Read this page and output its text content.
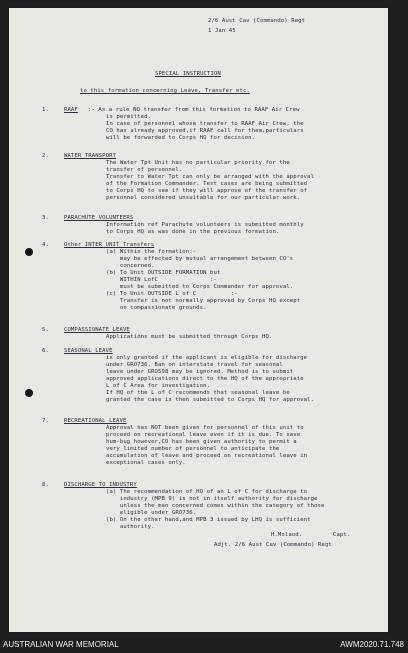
2/6 Aust Cav (Commando) Regt
1 Jan 45
SPECIAL INSTRUCTION
to this formation concerning Leave, Transfer etc.
1.	RAAF :- As a rule NO transfer from this formation to RAAF Air Crew
is permitted.
In case of personnel whose transfer to RAAF Air Crew, the
CO has already approved,if RAAF call for them,particulars
will be forwarded to Corps HQ for decision.
2.	WATER TRANSPORT
The Water Tpt Unit has no particular priority for the
transfer of personnel.
Transfer to Water Tpt can only be arranged with the approval
of the Formation Commander. Test cases are being submitted
to Corps HQ to see if they will approve of the transfer of
personnel considered unsuitable for our particular work.
3.	PARACHUTE VOLUNTEERS
Information ref Parachute volunteers is submitted monthly
to Corps HQ as was done in the previous formation.
4.	Other INTER UNIT Transfers
(a) Within the formation:-
may be effected by mutual arrangement between CO's
concerned.
(b) To Unit OUTSIDE FORMATION but
WITHIN LofC               :-
must be submitted to Corps Commander for approval.
(c) To Unit OUTSIDE L of C          :-
Transfer is not normally approved by Corps HQ except
on compassionate grounds.
5.	COMPASSIONATE LEAVE
Applications must be submitted through Corps HQ.
6.	SEASONAL LEAVE
is only granted if the applicant is eligible for discharge
under GRO736. Ban on interstate travel for seasonal
leave under GRO598 may be ignored. Method is to submit
approved applications direct to the HQ of the appropriate
L of C Area for investigation.
If HQ of the L of C recommends that seasonal leave be
granted the case is then submitted to Corps HQ for approval.
7.	RECREATIONAL LEAVE
Approval has NOT been given for personnel of this unit to
proceed on recreational leave even if it is due. To save
hum-bug however,CO has been given authority to permit a
very limited number of personnel to anticipate the
accumulation of leave and proceed on recreational leave in
exceptional cases only.
8.	DISCHARGE TO INDUSTRY
(a) The recommendation of HQ of an L of C for discharge to
industry (MPB 9) is not in itself authority for discharge
unless the man concerned comes within the category of those
eligible under GRO736.
(b) On the other hand,and MPB 3 issued by LHQ is sufficient
authority.
H.Molaod.	Capt.
Adjt. 2/6 Aust Cav (Commando) Regt
AUSTRALIAN WAR MEMORIAL	AWM2020.71.748
